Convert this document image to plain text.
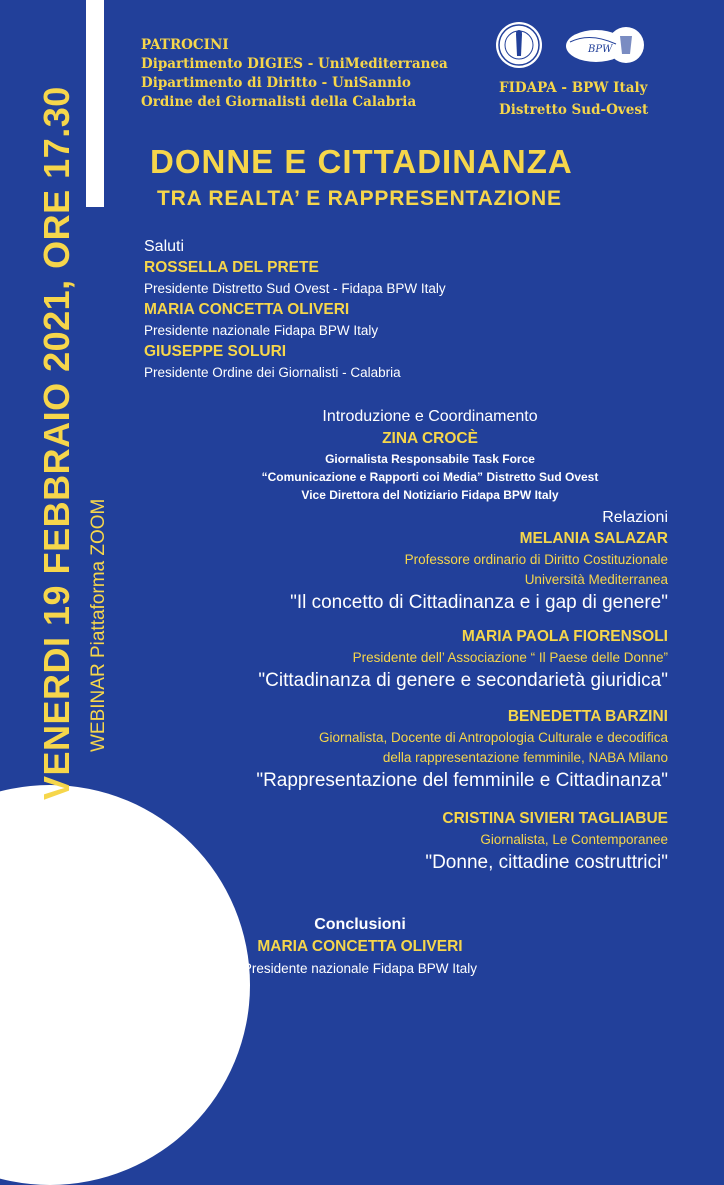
VENERDI 19 FEBBRAIO 2021, ORE 17.30 WEBINAR Piattaforma ZOOM
PATROCINI
Dipartimento DIGIES - UniMediterranea
Dipartimento di Diritto - UniSannio
Ordine dei Giornalisti della Calabria
BPW
FIDAPA - BPW Italy
Distretto Sud-Ovest
DONNE E CITTADINANZA
TRA REALTA’ E RAPPRESENTAZIONE
Saluti
ROSSELLA DEL PRETE
Presidente Distretto Sud Ovest - Fidapa BPW Italy
MARIA CONCETTA OLIVERI
Presidente nazionale Fidapa BPW Italy
GIUSEPPE SOLURI
Presidente Ordine dei Giornalisti - Calabria
Introduzione e Coordinamento
ZINA CROCÈ
Giornalista Responsabile Task Force
“Comunicazione e Rapporti coi Media” Distretto Sud Ovest
Vice Direttora del Notiziario Fidapa BPW Italy
Relazioni
MELANIA SALAZAR
Professore ordinario di Diritto Costituzionale
Università Mediterranea
"Il concetto di Cittadinanza e i gap di genere"
MARIA PAOLA FIORENSOLI
Presidente dell’ Associazione “ Il Paese delle Donne”
"Cittadinanza di genere e secondarietà giuridica"
BENEDETTA BARZINI
Giornalista, Docente di Antropologia Culturale e decodifica
della rappresentazione femminile, NABA Milano
"Rappresentazione del femminile e Cittadinanza"
CRISTINA SIVIERI TAGLIABUE
Giornalista, Le Contemporanee
"Donne, cittadine costruttrici"
Conclusioni
MARIA CONCETTA OLIVERI
Presidente nazionale Fidapa BPW Italy
